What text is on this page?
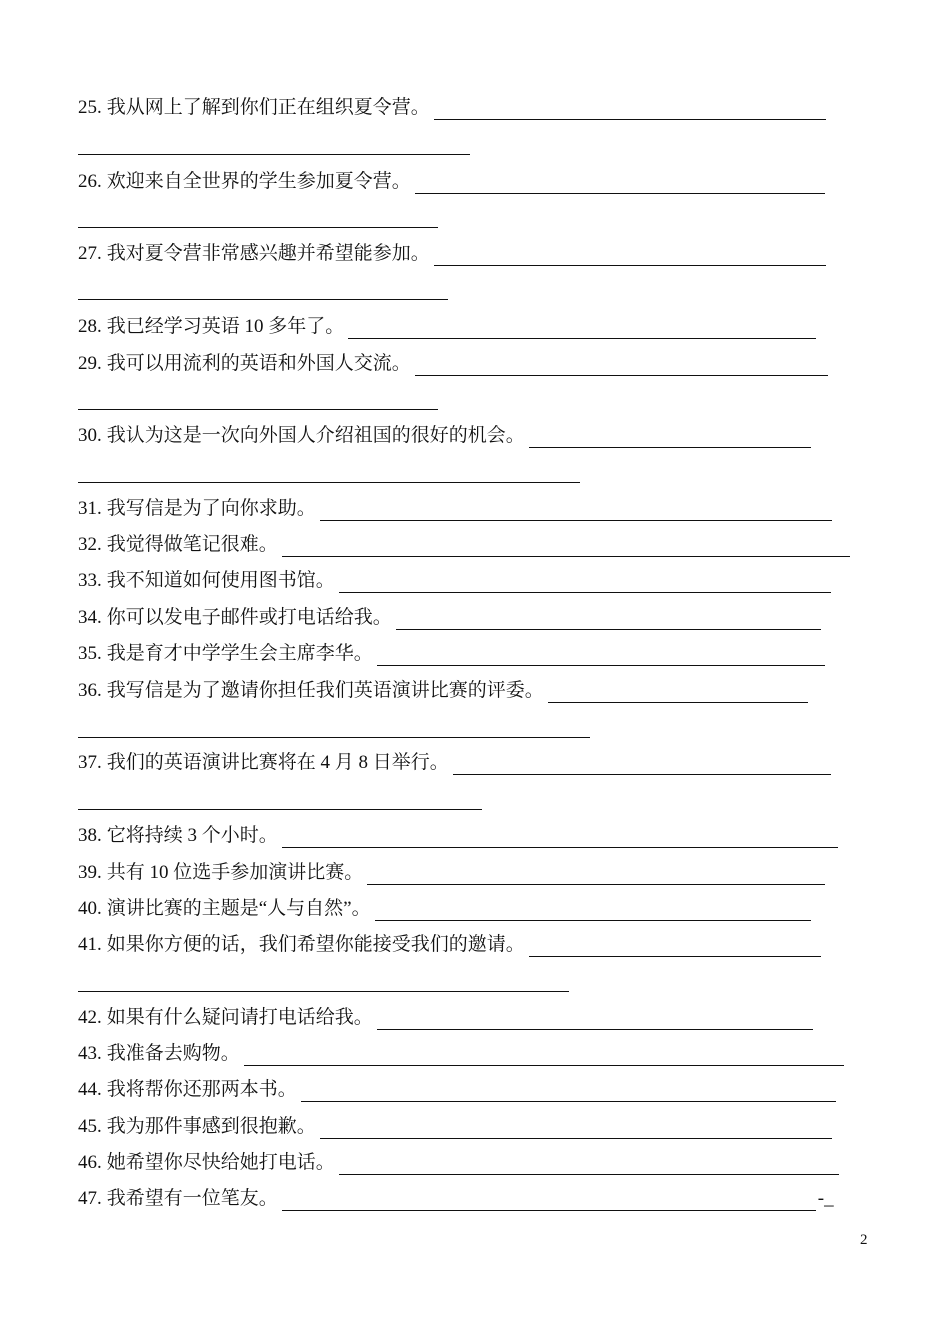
25. 我从网上了解到你们正在组织夏令营。
26. 欢迎来自全世界的学生参加夏令营。
27. 我对夏令营非常感兴趣并希望能参加。
28. 我已经学习英语 10 多年了。
29. 我可以用流利的英语和外国人交流。
30. 我认为这是一次向外国人介绍祖国的很好的机会。
31. 我写信是为了向你求助。
32. 我觉得做笔记很难。
33. 我不知道如何使用图书馆。
34. 你可以发电子邮件或打电话给我。
35. 我是育才中学学生会主席李华。
36. 我写信是为了邀请你担任我们英语演讲比赛的评委。
37. 我们的英语演讲比赛将在 4 月 8 日举行。
38. 它将持续 3 个小时。
39. 共有 10 位选手参加演讲比赛。
40. 演讲比赛的主题是“人与自然”。
41. 如果你方便的话，我们希望你能接受我们的邀请。
42. 如果有什么疑问请打电话给我。
43. 我准备去购物。
44. 我将帮你还那两本书。
45. 我为那件事感到很抱歉。
46. 她希望你尽快给她打电话。
47. 我希望有一位笔友。	-_
2
